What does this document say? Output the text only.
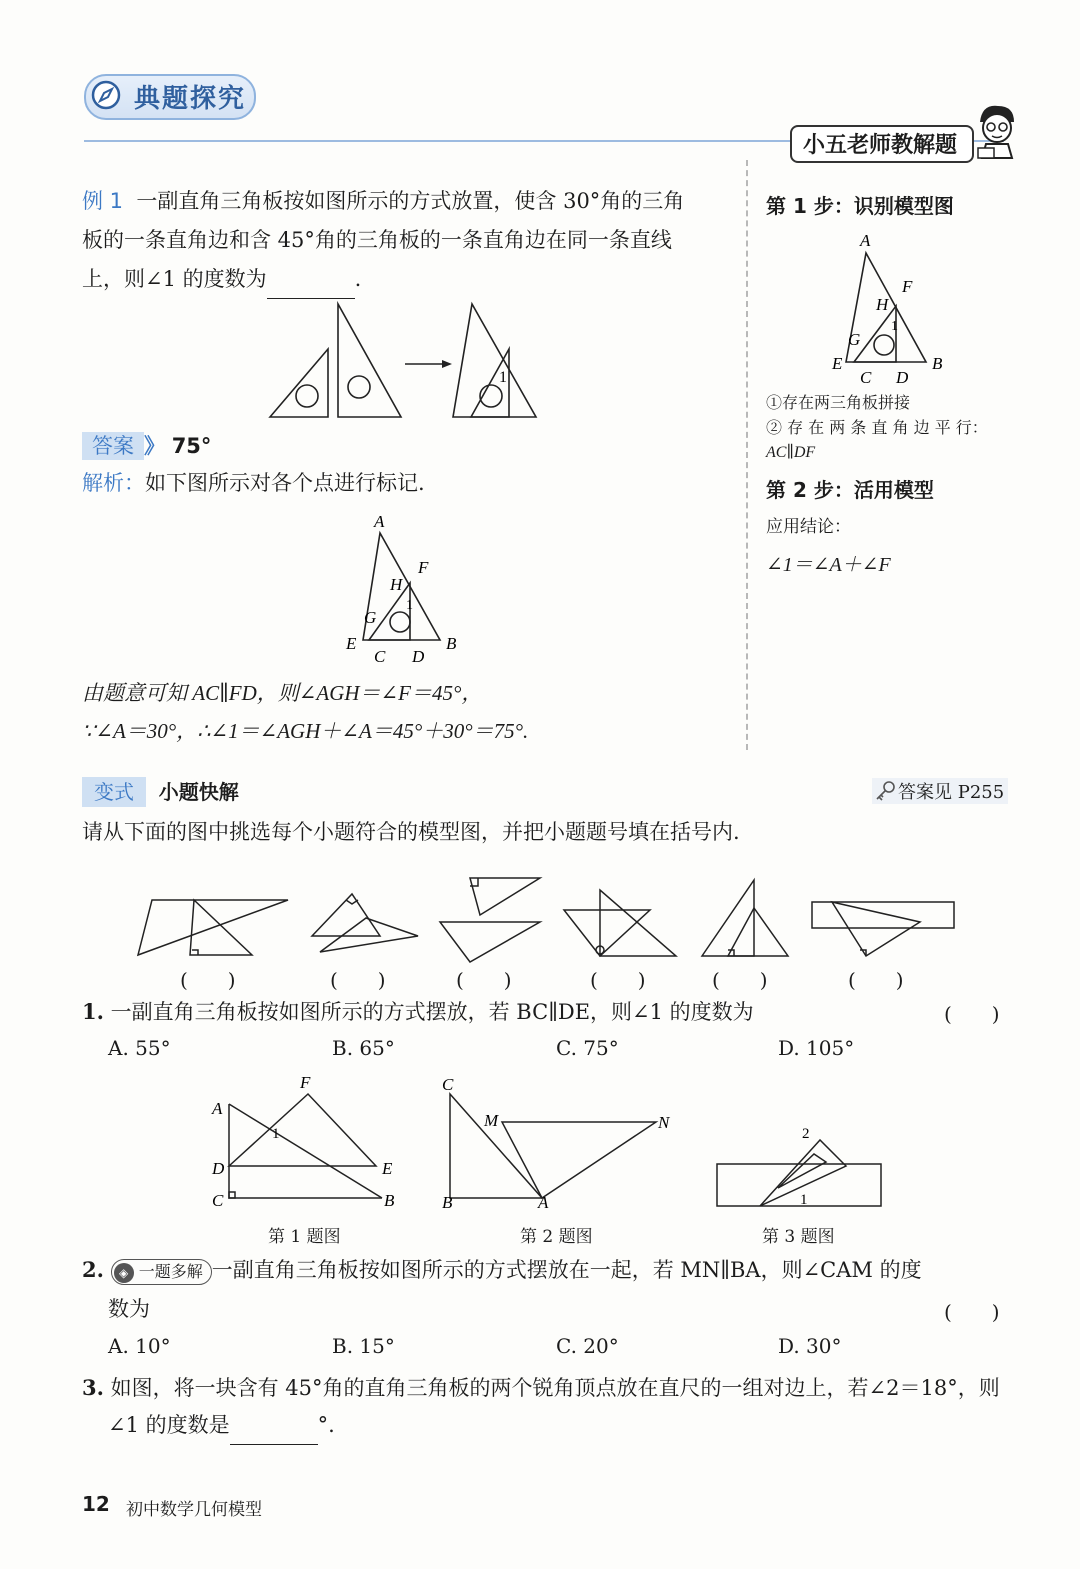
典题探究
小五老师教解题
例 1 一副直角三角板按如图所示的方式放置，使含 30°角的三角
板的一条直角边和含 45°角的三角板的一条直角边在同一条直线
上，则∠1 的度数为	.
1
答案 》 75°
解析：如下图所示对各个点进行标记.
A
F
H
1
G
E	B
C D
由题意可知 AC∥FD，则∠AGH＝∠F＝45°，
∵∠A＝30°，∴∠1＝∠AGH＋∠A＝45°＋30°＝75°.
第 1 步：识别模型图
A
F
H
1
G
E	B
C D
①存在两三角板拼接
② 存 在 两 条 直 角 边 平 行：
AC∥DF
第 2 步：活用模型
应用结论：
∠1＝∠A＋∠F
变式 小题快解	答案见 P255
请从下面的图中挑选每个小题符合的模型图，并把小题题号填在括号内.
(　　)	(　　)	(　　)	(　　)	(　　)	(　　)
1. 一副直角三角板按如图所示的方式摆放，若 BC∥DE，则∠1 的度数为	(　　)
A. 55°	B. 65°	C. 75°	D. 105°
A
F
1
D	E
C	B
C
M	N
B	A
2
1
第 1 题图	第 2 题图	第 3 题图
2. ◈ 一题多解 一副直角三角板按如图所示的方式摆放在一起，若 MN∥BA，则∠CAM 的度
数为	(　　)
A. 10°	B. 15°	C. 20°	D. 30°
3. 如图，将一块含有 45°角的直角三角板的两个锐角顶点放在直尺的一组对边上，若∠2＝18°，则
∠1 的度数是	°.
12 初中数学几何模型
